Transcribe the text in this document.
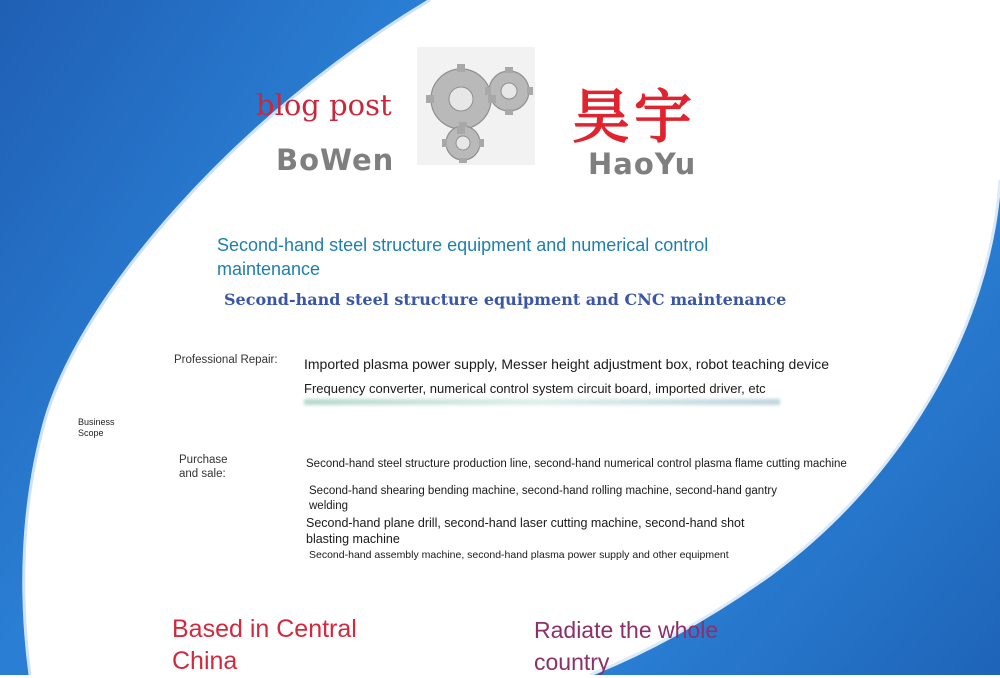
blog post
BoWen
昊宇
HaoYu
Second-hand steel structure equipment and numerical control maintenance
Second-hand steel structure equipment and CNC maintenance
Professional Repair: Imported plasma power supply, Messer height adjustment box, robot teaching device
Frequency converter, numerical control system circuit board, imported driver, etc
Business Scope
Purchase and sale:
Second-hand steel structure production line, second-hand numerical control plasma flame cutting machine
Second-hand shearing bending machine, second-hand rolling machine, second-hand gantry welding
Second-hand plane drill, second-hand laser cutting machine, second-hand shot blasting machine
Second-hand assembly machine, second-hand plasma power supply and other equipment
Based in Central China
Radiate the whole country
